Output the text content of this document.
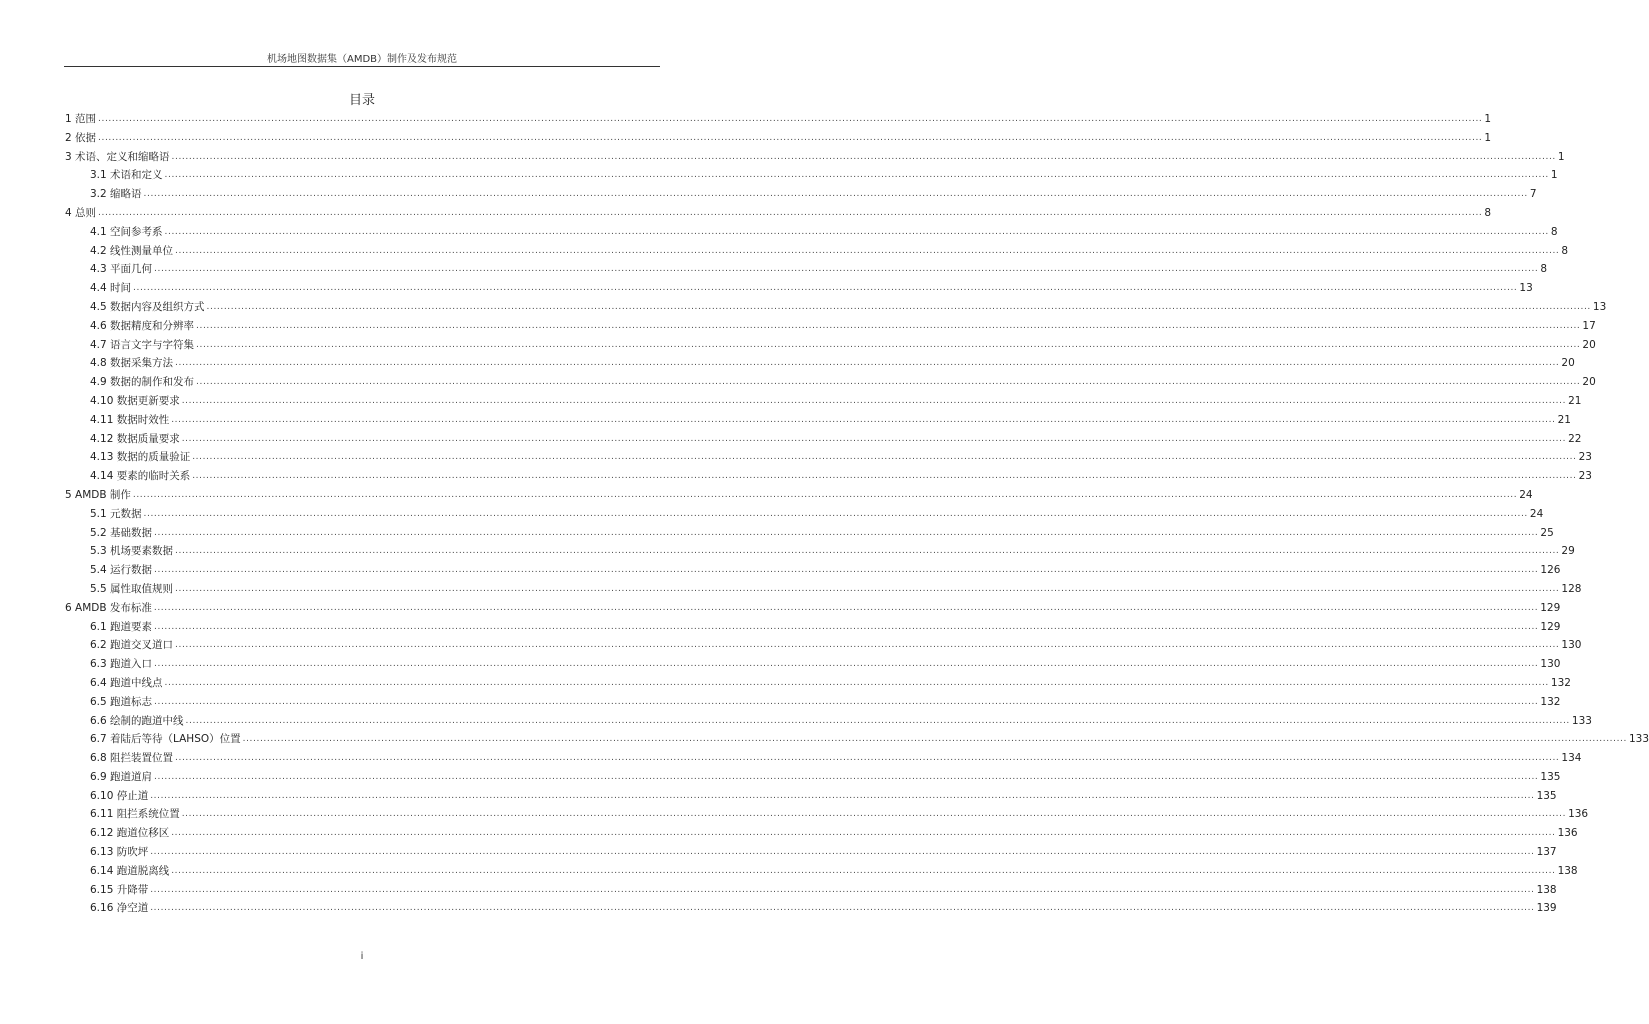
机场地图数据集（AMDB）制作及发布规范
目录
1 范围 ................................................................................................................................................................................................................................................................................................................................................................................................................ 1
2 依据 ................................................................................................................................................................................................................................................................................................................................................................................................................ 1
3 术语、定义和缩略语 ................................................................................................................................................................................................................................................................................................................................................................................................................ 1
3.1 术语和定义 ................................................................................................................................................................................................................................................................................................................................................................................................................ 1
3.2 缩略语 ................................................................................................................................................................................................................................................................................................................................................................................................................ 7
4 总则 ................................................................................................................................................................................................................................................................................................................................................................................................................ 8
4.1 空间参考系 ................................................................................................................................................................................................................................................................................................................................................................................................................ 8
4.2 线性测量单位 ................................................................................................................................................................................................................................................................................................................................................................................................................ 8
4.3 平面几何 ................................................................................................................................................................................................................................................................................................................................................................................................................ 8
4.4 时间 ................................................................................................................................................................................................................................................................................................................................................................................................................ 13
4.5 数据内容及组织方式 ................................................................................................................................................................................................................................................................................................................................................................................................................ 13
4.6 数据精度和分辨率 ................................................................................................................................................................................................................................................................................................................................................................................................................ 17
4.7 语言文字与字符集 ................................................................................................................................................................................................................................................................................................................................................................................................................ 20
4.8 数据采集方法 ................................................................................................................................................................................................................................................................................................................................................................................................................ 20
4.9 数据的制作和发布 ................................................................................................................................................................................................................................................................................................................................................................................................................ 20
4.10 数据更新要求 ................................................................................................................................................................................................................................................................................................................................................................................................................ 21
4.11 数据时效性 ................................................................................................................................................................................................................................................................................................................................................................................................................ 21
4.12 数据质量要求 ................................................................................................................................................................................................................................................................................................................................................................................................................ 22
4.13 数据的质量验证 ................................................................................................................................................................................................................................................................................................................................................................................................................ 23
4.14 要素的临时关系 ................................................................................................................................................................................................................................................................................................................................................................................................................ 23
5 AMDB 制作 ................................................................................................................................................................................................................................................................................................................................................................................................................ 24
5.1 元数据 ................................................................................................................................................................................................................................................................................................................................................................................................................ 24
5.2 基础数据 ................................................................................................................................................................................................................................................................................................................................................................................................................ 25
5.3 机场要素数据 ................................................................................................................................................................................................................................................................................................................................................................................................................ 29
5.4 运行数据 ................................................................................................................................................................................................................................................................................................................................................................................................................ 126
5.5 属性取值规则 ................................................................................................................................................................................................................................................................................................................................................................................................................ 128
6 AMDB 发布标准 ................................................................................................................................................................................................................................................................................................................................................................................................................ 129
6.1 跑道要素 ................................................................................................................................................................................................................................................................................................................................................................................................................ 129
6.2 跑道交叉道口 ................................................................................................................................................................................................................................................................................................................................................................................................................ 130
6.3 跑道入口 ................................................................................................................................................................................................................................................................................................................................................................................................................ 130
6.4 跑道中线点 ................................................................................................................................................................................................................................................................................................................................................................................................................ 132
6.5 跑道标志 ................................................................................................................................................................................................................................................................................................................................................................................................................ 132
6.6 绘制的跑道中线 ................................................................................................................................................................................................................................................................................................................................................................................................................ 133
6.7 着陆后等待（LAHSO）位置 ................................................................................................................................................................................................................................................................................................................................................................................................................ 133
6.8 阻拦装置位置 ................................................................................................................................................................................................................................................................................................................................................................................................................ 134
6.9 跑道道肩 ................................................................................................................................................................................................................................................................................................................................................................................................................ 135
6.10 停止道 ................................................................................................................................................................................................................................................................................................................................................................................................................ 135
6.11 阻拦系统位置 ................................................................................................................................................................................................................................................................................................................................................................................................................ 136
6.12 跑道位移区 ................................................................................................................................................................................................................................................................................................................................................................................................................ 136
6.13 防吹坪 ................................................................................................................................................................................................................................................................................................................................................................................................................ 137
6.14 跑道脱离线 ................................................................................................................................................................................................................................................................................................................................................................................................................ 138
6.15 升降带 ................................................................................................................................................................................................................................................................................................................................................................................................................ 138
6.16 净空道 ................................................................................................................................................................................................................................................................................................................................................................................................................ 139
i
